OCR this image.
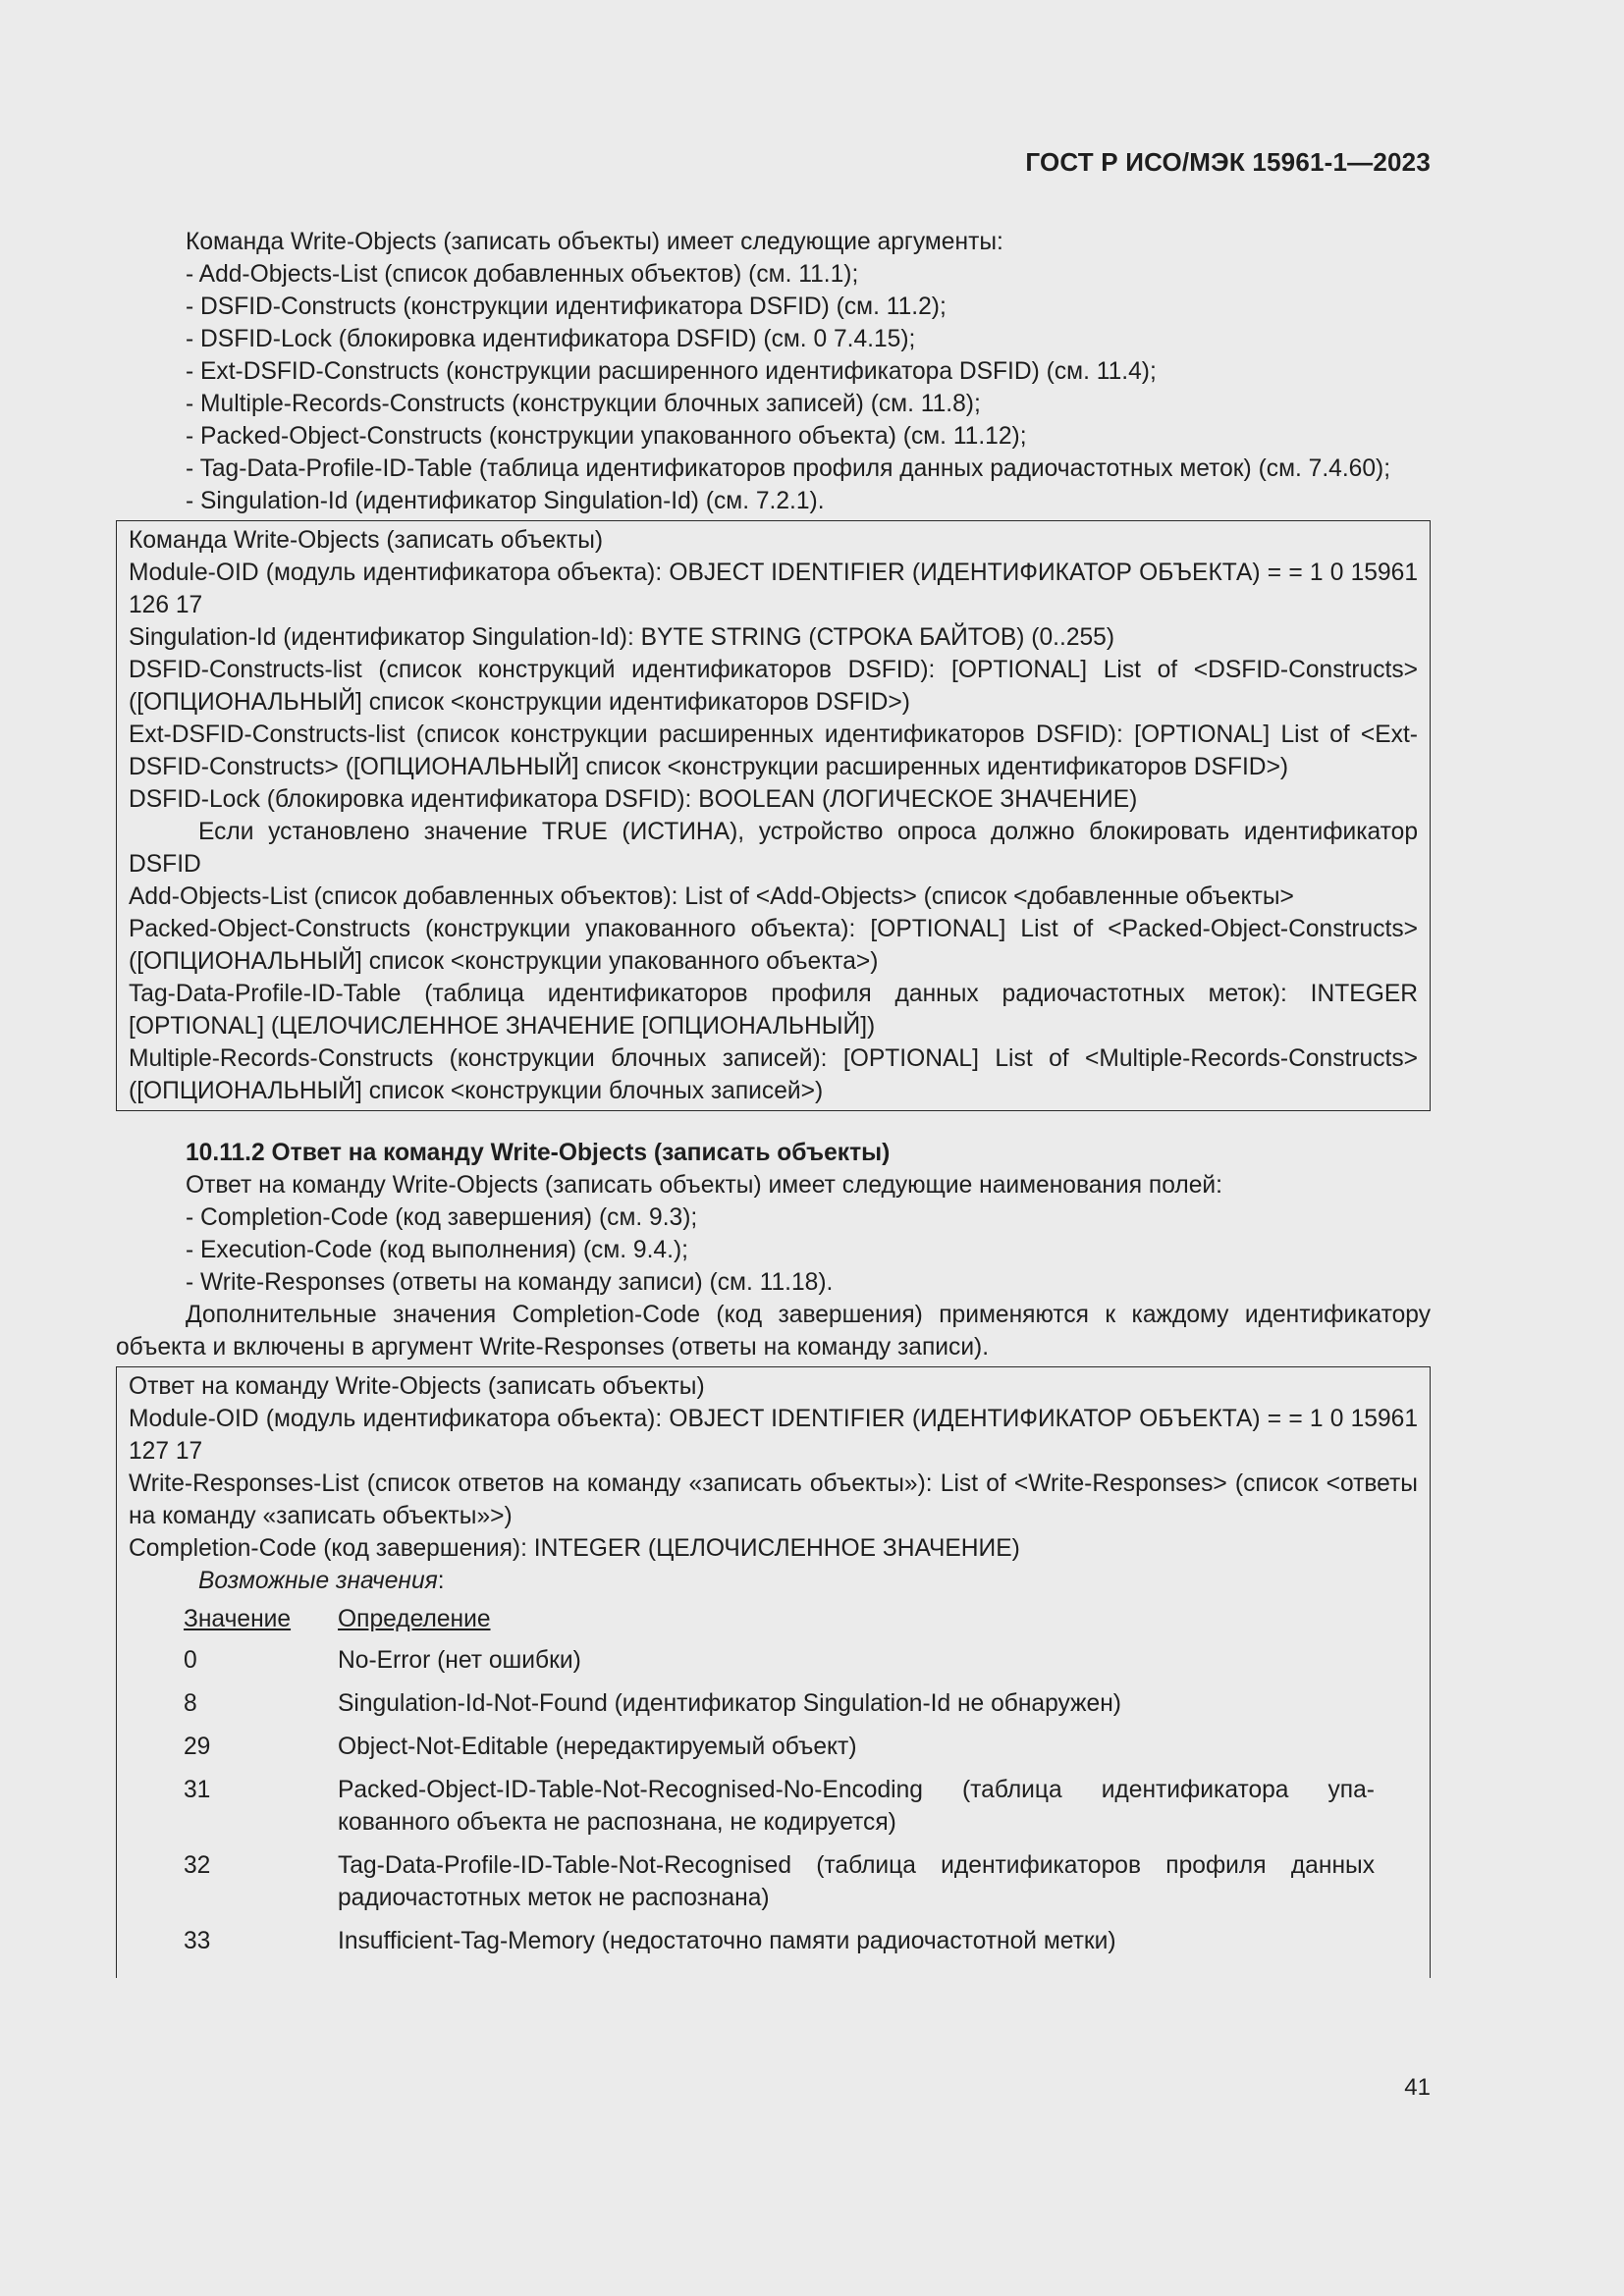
ГОСТ Р ИСО/МЭК 15961-1—2023

Команда Write-Objects (записать объекты) имеет следующие аргументы:

- Add-Objects-List (список добавленных объектов) (см. 11.1);

- DSFID-Constructs (конструкции идентификатора DSFID) (см. 11.2);

- DSFID-Lock (блокировка идентификатора DSFID) (см. 0 7.4.15);

- Ext-DSFID-Constructs (конструкции расширенного идентификатора DSFID) (см. 11.4);

- Multiple-Records-Constructs (конструкции блочных записей) (см. 11.8);

- Packed-Object-Constructs (конструкции упакованного объекта) (см. 11.12);

- Tag-Data-Profile-ID-Table (таблица идентификаторов профиля данных радиочастотных меток) (см. 7.4.60);

- Singulation-Id (идентификатор Singulation-Id) (см. 7.2.1).

Команда Write-Objects (записать объекты)

Module-OID (модуль идентификатора объекта): OBJECT IDENTIFIER (ИДЕНТИФИКАТОР ОБЪЕКТА) = = 1 0 15961 126 17

Singulation-Id (идентификатор Singulation-Id): BYTE STRING (СТРОКА БАЙТОВ) (0..255)

DSFID-Constructs-list (список конструкций идентификаторов DSFID): [OPTIONAL] List of <DSFID-Constructs> ([ОПЦИОНАЛЬНЫЙ] список <конструкции идентификаторов DSFID>)

Ext-DSFID-Constructs-list (список конструкции расширенных идентификаторов DSFID): [OPTIONAL] List of <Ext-DSFID-Constructs> ([ОПЦИОНАЛЬНЫЙ] список <конструкции расширенных идентификаторов DSFID>)

DSFID-Lock (блокировка идентификатора DSFID): BOOLEAN (ЛОГИЧЕСКОЕ ЗНАЧЕНИЕ)

Если установлено значение TRUE (ИСТИНА), устройство опроса должно блокировать идентификатор DSFID

Add-Objects-List (список добавленных объектов): List of <Add-Objects> (список <добавленные объекты>

Packed-Object-Constructs (конструкции упакованного объекта): [OPTIONAL] List of <Packed-Object-Constructs> ([ОПЦИОНАЛЬНЫЙ] список <конструкции упакованного объекта>)

Tag-Data-Profile-ID-Table (таблица идентификаторов профиля данных радиочастотных меток): INTEGER [OPTIONAL] (ЦЕЛОЧИСЛЕННОЕ ЗНАЧЕНИЕ [ОПЦИОНАЛЬНЫЙ])

Multiple-Records-Constructs (конструкции блочных записей): [OPTIONAL] List of <Multiple-Records-Constructs> ([ОПЦИОНАЛЬНЫЙ] список <конструкции блочных записей>)

10.11.2 Ответ на команду Write-Objects (записать объекты)

Ответ на команду Write-Objects (записать объекты) имеет следующие наименования полей:

- Completion-Code (код завершения) (см. 9.3);

- Execution-Code (код выполнения) (см. 9.4.);

- Write-Responses (ответы на команду записи) (см. 11.18).

Дополнительные значения Completion-Code (код завершения) применяются к каждому идентификатору объекта и включены в аргумент Write-Responses (ответы на команду записи).

Ответ на команду Write-Objects (записать объекты)

Module-OID (модуль идентификатора объекта): OBJECT IDENTIFIER (ИДЕНТИФИКАТОР ОБЪЕКТА) = = 1 0 15961 127 17

Write-Responses-List (список ответов на команду «записать объекты»): List of <Write-Responses> (список <ответы на команду «записать объекты»>)

Completion-Code (код завершения): INTEGER (ЦЕЛОЧИСЛЕННОЕ ЗНАЧЕНИЕ)

Возможные значения:

Значение	Определение
0	No-Error (нет ошибки)
8	Singulation-Id-Not-Found (идентификатор Singulation-Id не обнаружен)
29	Object-Not-Editable (нередактируемый объект)
31	Packed-Object-ID-Table-Not-Recognised-No-Encoding (таблица идентификатора упакованного объекта не распознана, не кодируется)
32	Tag-Data-Profile-ID-Table-Not-Recognised (таблица идентификаторов профиля данных радиочастотных меток не распознана)
33	Insufficient-Tag-Memory (недостаточно памяти радиочастотной метки)
41
